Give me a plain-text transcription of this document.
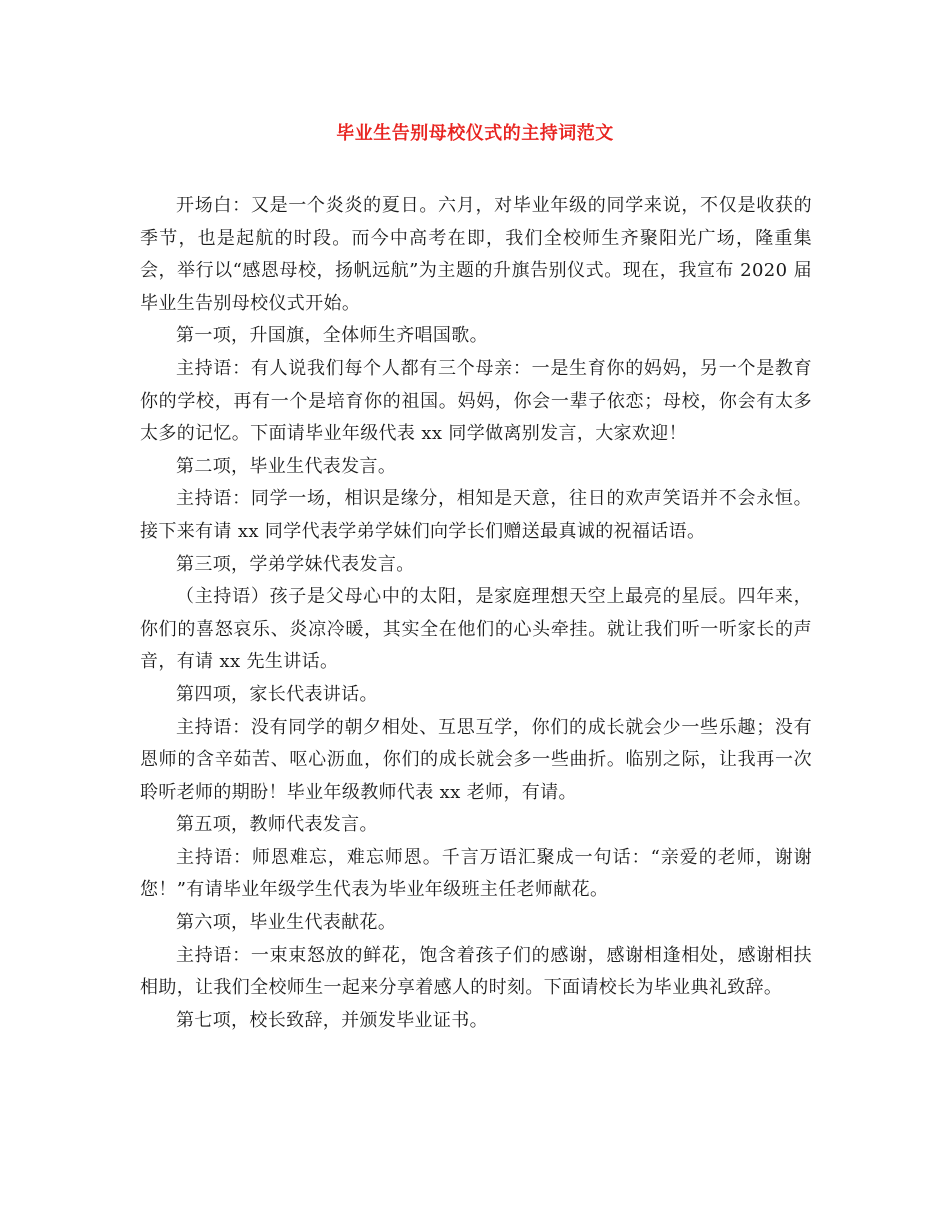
毕业生告别母校仪式的主持词范文

开场白：又是一个炎炎的夏日。六月，对毕业年级的同学来说，不仅是收获的季节，也是起航的时段。而今中高考在即，我们全校师生齐聚阳光广场，隆重集会，举行以“感恩母校，扬帆远航”为主题的升旗告别仪式。现在，我宣布 2020 届毕业生告别母校仪式开始。

第一项，升国旗，全体师生齐唱国歌。

主持语：有人说我们每个人都有三个母亲：一是生育你的妈妈，另一个是教育你的学校，再有一个是培育你的祖国。妈妈，你会一辈子依恋；母校，你会有太多太多的记忆。下面请毕业年级代表 xx 同学做离别发言，大家欢迎！

第二项，毕业生代表发言。

主持语：同学一场，相识是缘分，相知是天意，往日的欢声笑语并不会永恒。接下来有请 xx 同学代表学弟学妹们向学长们赠送最真诚的祝福话语。

第三项，学弟学妹代表发言。

（主持语）孩子是父母心中的太阳，是家庭理想天空上最亮的星辰。四年来，你们的喜怒哀乐、炎凉冷暖，其实全在他们的心头牵挂。就让我们听一听家长的声音，有请 xx 先生讲话。

第四项，家长代表讲话。

主持语：没有同学的朝夕相处、互思互学，你们的成长就会少一些乐趣；没有恩师的含辛茹苦、呕心沥血，你们的成长就会多一些曲折。临别之际，让我再一次聆听老师的期盼！毕业年级教师代表 xx 老师，有请。

第五项，教师代表发言。

主持语：师恩难忘，难忘师恩。千言万语汇聚成一句话：“亲爱的老师，谢谢您！”有请毕业年级学生代表为毕业年级班主任老师献花。

第六项，毕业生代表献花。

主持语：一束束怒放的鲜花，饱含着孩子们的感谢，感谢相逢相处，感谢相扶相助，让我们全校师生一起来分享着感人的时刻。下面请校长为毕业典礼致辞。

第七项，校长致辞，并颁发毕业证书。
